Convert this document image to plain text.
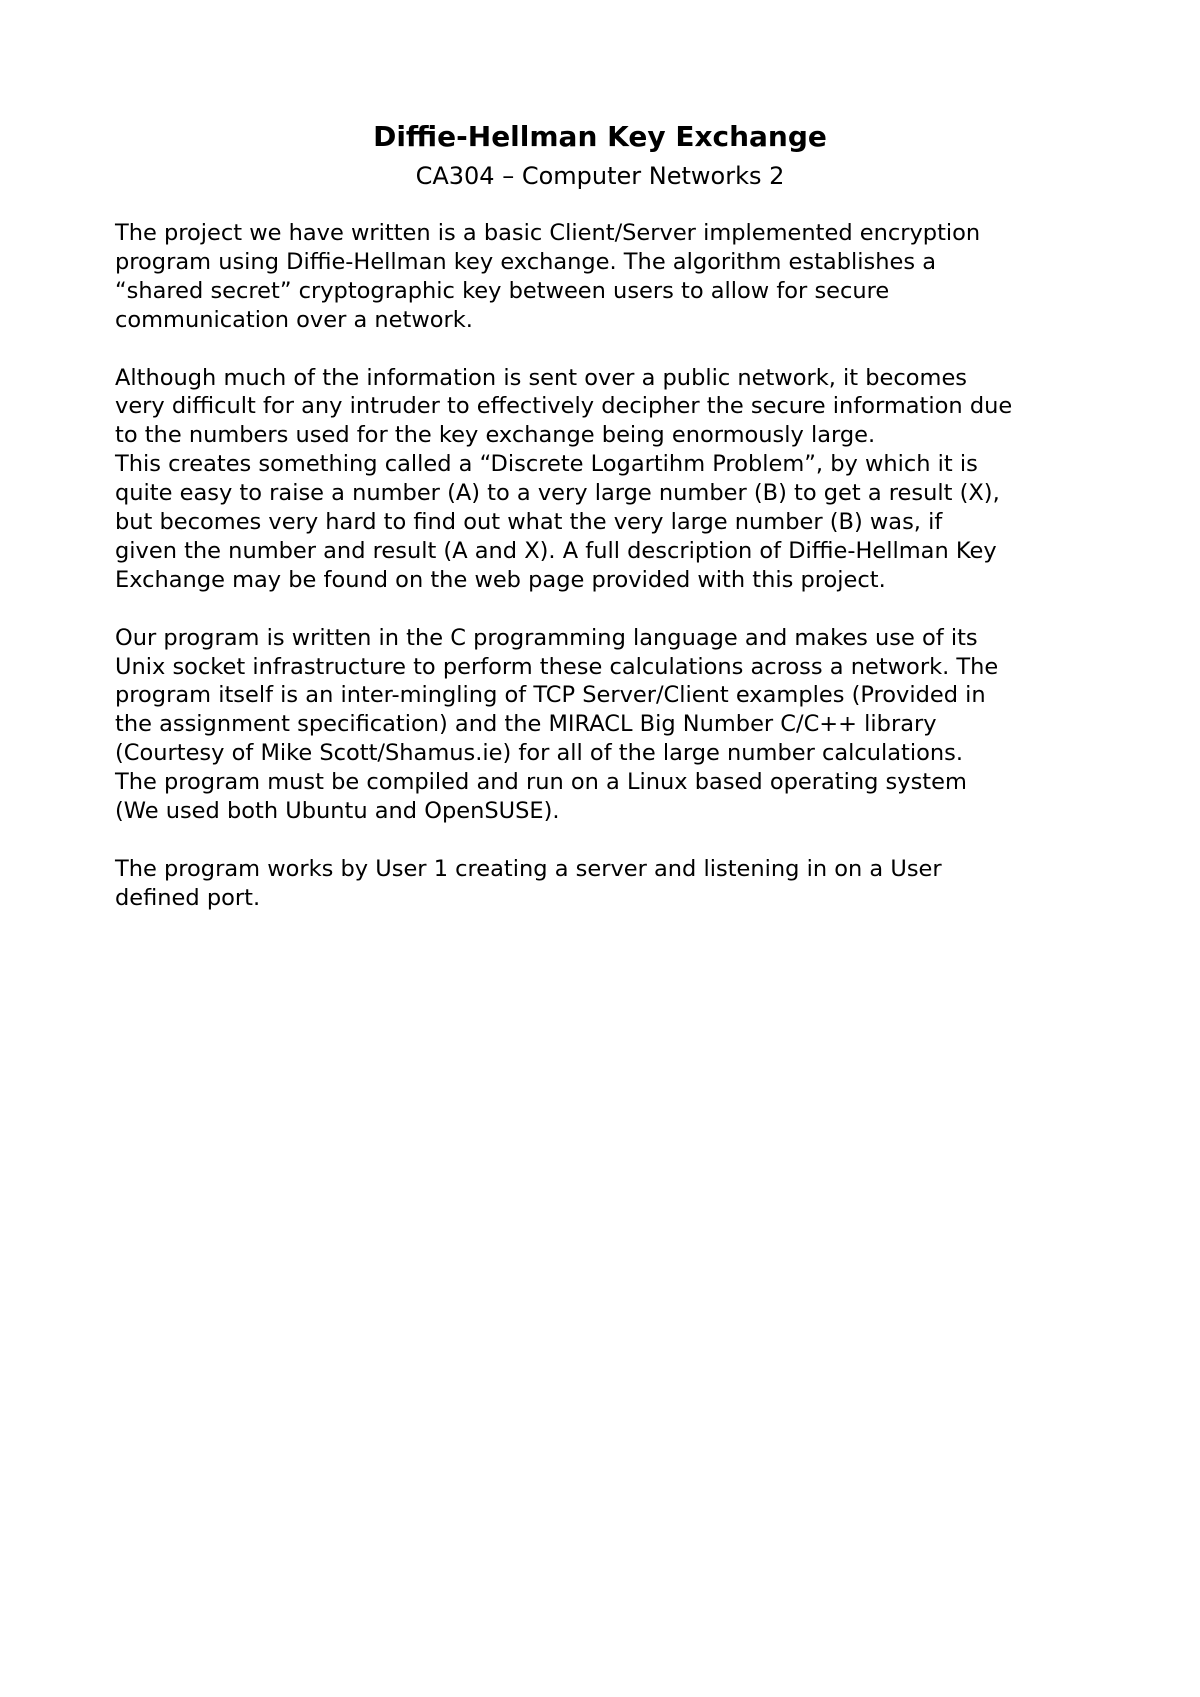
Diffie-Hellman Key Exchange
CA304 – Computer Networks 2

The project we have written is a basic Client/Server implemented encryption
program using Diffie-Hellman key exchange. The algorithm establishes a
“shared secret” cryptographic key between users to allow for secure
communication over a network.

Although much of the information is sent over a public network, it becomes
very difficult for any intruder to effectively decipher the secure information due
to the numbers used for the key exchange being enormously large.
This creates something called a “Discrete Logartihm Problem”, by which it is
quite easy to raise a number (A) to a very large number (B) to get a result (X),
but becomes very hard to find out what the very large number (B) was, if
given the number and result (A and X). A full description of Diffie-Hellman Key
Exchange may be found on the web page provided with this project.

Our program is written in the C programming language and makes use of its
Unix socket infrastructure to perform these calculations across a network. The
program itself is an inter-mingling of TCP Server/Client examples (Provided in
the assignment specification) and the MIRACL Big Number C/C++ library
(Courtesy of Mike Scott/Shamus.ie) for all of the large number calculations.
The program must be compiled and run on a Linux based operating system
(We used both Ubuntu and OpenSUSE).

The program works by User 1 creating a server and listening in on a User
defined port.
